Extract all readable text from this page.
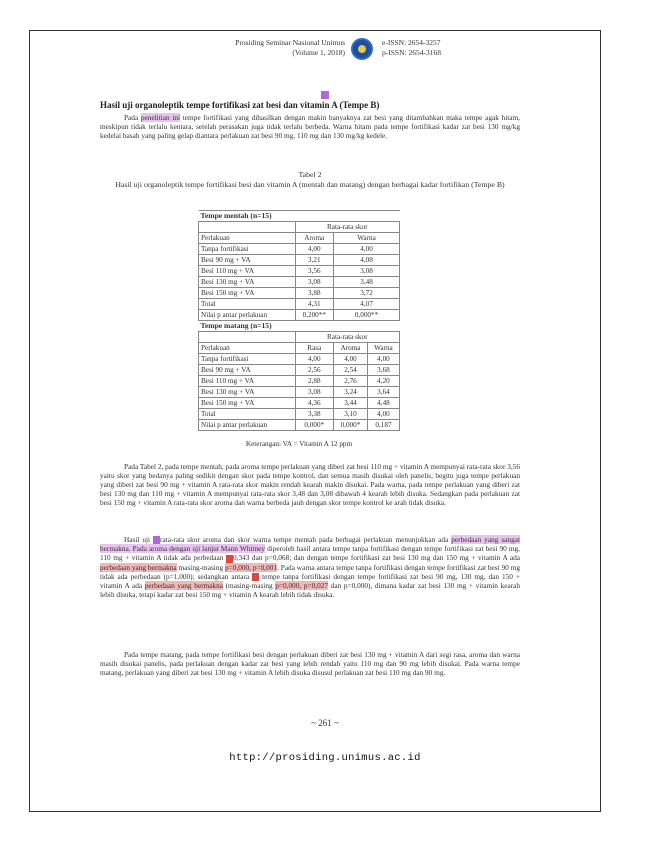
Prosiding Seminar Nasional Unimus
(Volume 1, 2018)
e-ISSN: 2654-3257
p-ISSN: 2654-3168
Hasil uji organoleptik tempe fortifikasi zat besi dan vitamin A (Tempe B)

Pada penelitian ini tempe fortifikasi yang dihasilkan dengan makin banyaknya zat besi yang ditambahkan maka tempe agak hitam, meskipun tidak terlalu kentara, setelah perasakan juga tidak terlalu berbeda. Warna hitam pada tempe fortifikasi kadar zat besi 130 mg/kg kedelai basah yang paling gelap diantara perlakuan zat besi 90 mg, 110 mg dan 130 mg/kg kedele.

Tabel 2
Hasil uji organoleptik tempe fortifikasi besi dan vitamin A (mentah dan matang) dengan berbagai kadar fortifikan (Tempe B)
Tempe mentah (n=15)			
	Rata-rata skor		
Perlakuan	Aroma	Warna	
Tanpa fortifikasi	4,00	4,00	
Besi 90 mg + VA	3,21	4,08	
Besi 110 mg + VA	3,56	3,08	
Besi 130 mg + VA	3,08	3,48	
Besi 150 mg + VA	3,88	3,72	
Total	4,31	4,07	
Nilai p antar perlakuan	0,200**	0,000**	
Tempe matang (n=15)			
	Rata-rata skor		
Perlakuan	Rasa	Aroma	Warna
Tanpa fortifikasi	4,00	4,00	4,00
Besi 90 mg + VA	2,56	2,54	3,68
Besi 110 mg + VA	2,88	2,76	4,20
Besi 130 mg + VA	3,08	3,24	3,64
Besi 150 mg + VA	4,36	3,44	4,48
Total	3,38	3,10	4,00
Nilai p antar perlakuan	0,000*	0,000*	0,187
Keterangan: VA = Vitamin A 12 ppm

Pada Tabel 2, pada tempe mentah, pada aroma tempe perlakuan yang diberi zat besi 110 mg + vitamin A mempunyai rata-rata skor 3,56 yaitu skor yang bedanya paling sedikit dengan skor pada tempe kontrol, dan semua masih disukai oleh panelis, begitu juga tempe perlakuan yang diberi zat besi 90 mg + vitamin A rata-rata skor makin rendah kearah makin disukai. Pada warna, pada tempe perlakuan yang diberi zat besi 130 mg dan 110 mg + vitamin A mempunyai rata-rata skor 3,48 dan 3,08 dibawah 4 kearah lebih disuka. Sedangkan pada perlakuan zat besi 150 mg + vitamin A rata-rata skor aroma dan warna berbeda jauh dengan skor tempe kontrol ke arah tidak disuka.

Hasil uji rata-rata skor aroma dan skor warna tempe mentah pada berbagai perlakuan menunjukkan ada perbedaan yang sangat bermakna. Pada aroma dengan uji lanjut Mann Whitney diperoleh hasil antara tempe tanpa fortifikasi dengan tempe fortifikasi zat besi 90 mg, 110 mg + vitamin A tidak ada perbedaan 0,343 dan p=0,068; dan dengan tempe fortifikasi zat besi 130 mg dan 150 mg + vitamin A ada perbedaan yang bermakna masing-masing p=0,000, p=0,001. Pada warna antara tempe tanpa fortifikasi dengan tempe fortifikasi zat besi 90 mg tidak ada perbedaan (p=1,000); sedangkan antara  tempe tanpa fortifikasi dengan tempe fortifikasi zat besi 90 mg, 130 mg, dan 150 + vitamin A ada perbedaan yang bermakna (masing-masing p=0,000, p=0,027 dan p=0,000), dimana kadar zat besi 130 mg + vitamin kearah lebih disuka, tetapi kadar zat besi 150 mg + vitamin A kearah lebih tidak disuka.

Pada tempe matang, pada tempe fortifikasi besi dengan perlakuan diberi zat besi 130 mg + vitamin A dari segi rasa, aroma dan warna masih disukai panelis, pada perlakuan dengan kadar zat besi yang lebih rendah yaitu 110 mg dan 90 mg lebih disukai. Pada warna tempe matang, perlakuan yang diberi zat besi 130 mg + vitamin A lebih disuka disusul perlakuan zat besi 110 mg dan 90 mg.

~ 261 ~
http://prosiding.unimus.ac.id
